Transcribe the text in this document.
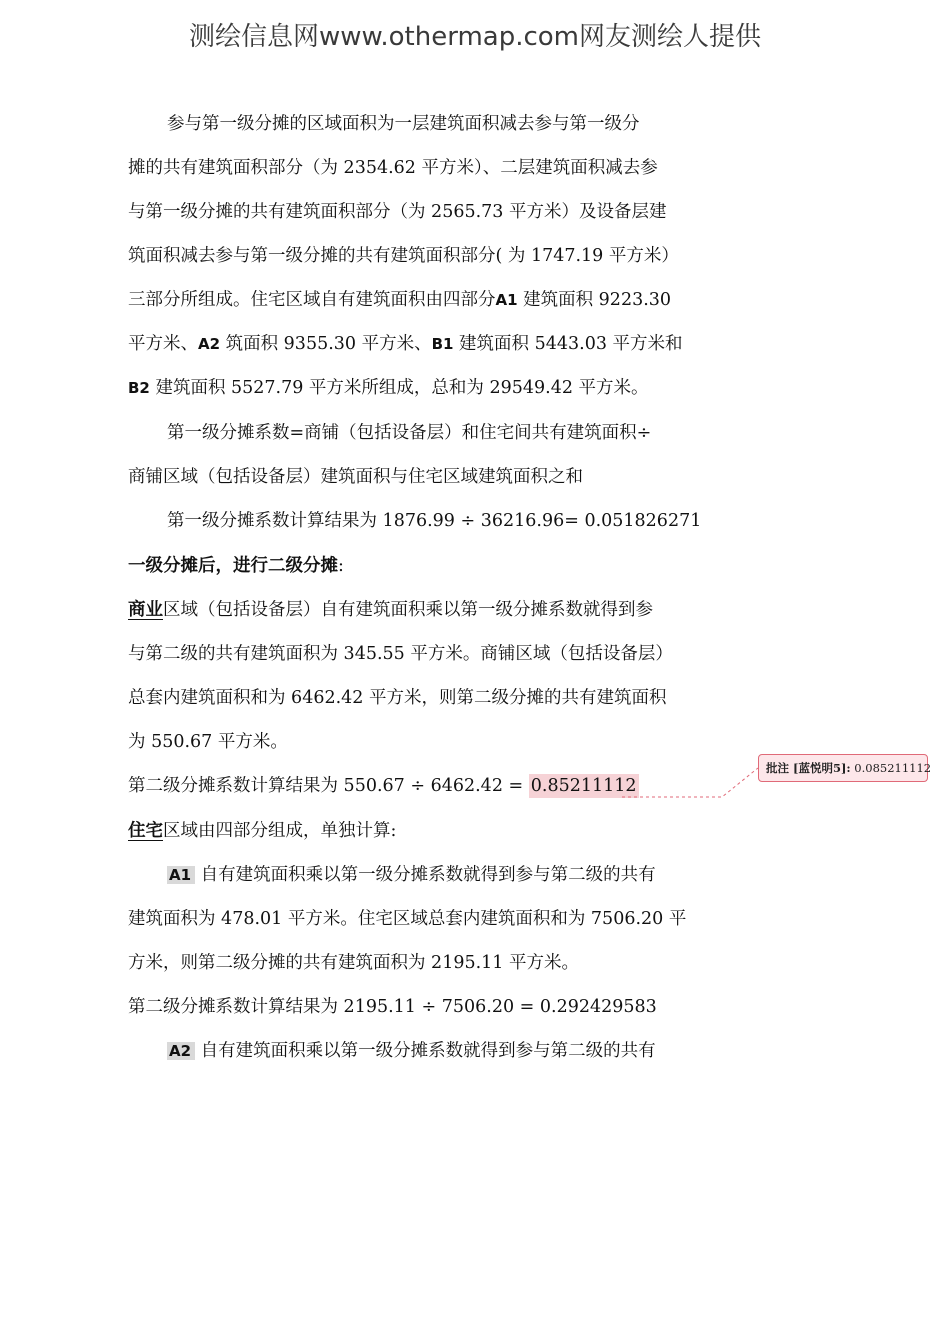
测绘信息网www.othermap.com网友测绘人提供
参与第一级分摊的区域面积为一层建筑面积减去参与第一级分
摊的共有建筑面积部分（为 2354.62 平方米）、二层建筑面积减去参
与第一级分摊的共有建筑面积部分（为 2565.73 平方米）及设备层建
筑面积减去参与第一级分摊的共有建筑面积部分( 为 1747.19 平方米）
三部分所组成。住宅区域自有建筑面积由四部分A1 建筑面积 9223.30
平方米、A2 筑面积 9355.30 平方米、B1 建筑面积 5443.03 平方米和
B2 建筑面积 5527.79 平方米所组成，总和为 29549.42 平方米。
第一级分摊系数=商铺（包括设备层）和住宅间共有建筑面积÷
商铺区域（包括设备层）建筑面积与住宅区域建筑面积之和
第一级分摊系数计算结果为 1876.99 ÷ 36216.96= 0.051826271
一级分摊后，进行二级分摊:
商业区域（包括设备层）自有建筑面积乘以第一级分摊系数就得到参
与第二级的共有建筑面积为 345.55 平方米。商铺区域（包括设备层）
总套内建筑面积和为 6462.42 平方米，则第二级分摊的共有建筑面积
为 550.67 平方米。
第二级分摊系数计算结果为 550.67 ÷ 6462.42 = 0.85211112
批注 [蓝悦明5]: 0.085211112
住宅区域由四部分组成，单独计算:
A1 自有建筑面积乘以第一级分摊系数就得到参与第二级的共有
建筑面积为 478.01 平方米。住宅区域总套内建筑面积和为 7506.20 平
方米，则第二级分摊的共有建筑面积为 2195.11 平方米。
第二级分摊系数计算结果为 2195.11 ÷ 7506.20 = 0.292429583
A2 自有建筑面积乘以第一级分摊系数就得到参与第二级的共有
